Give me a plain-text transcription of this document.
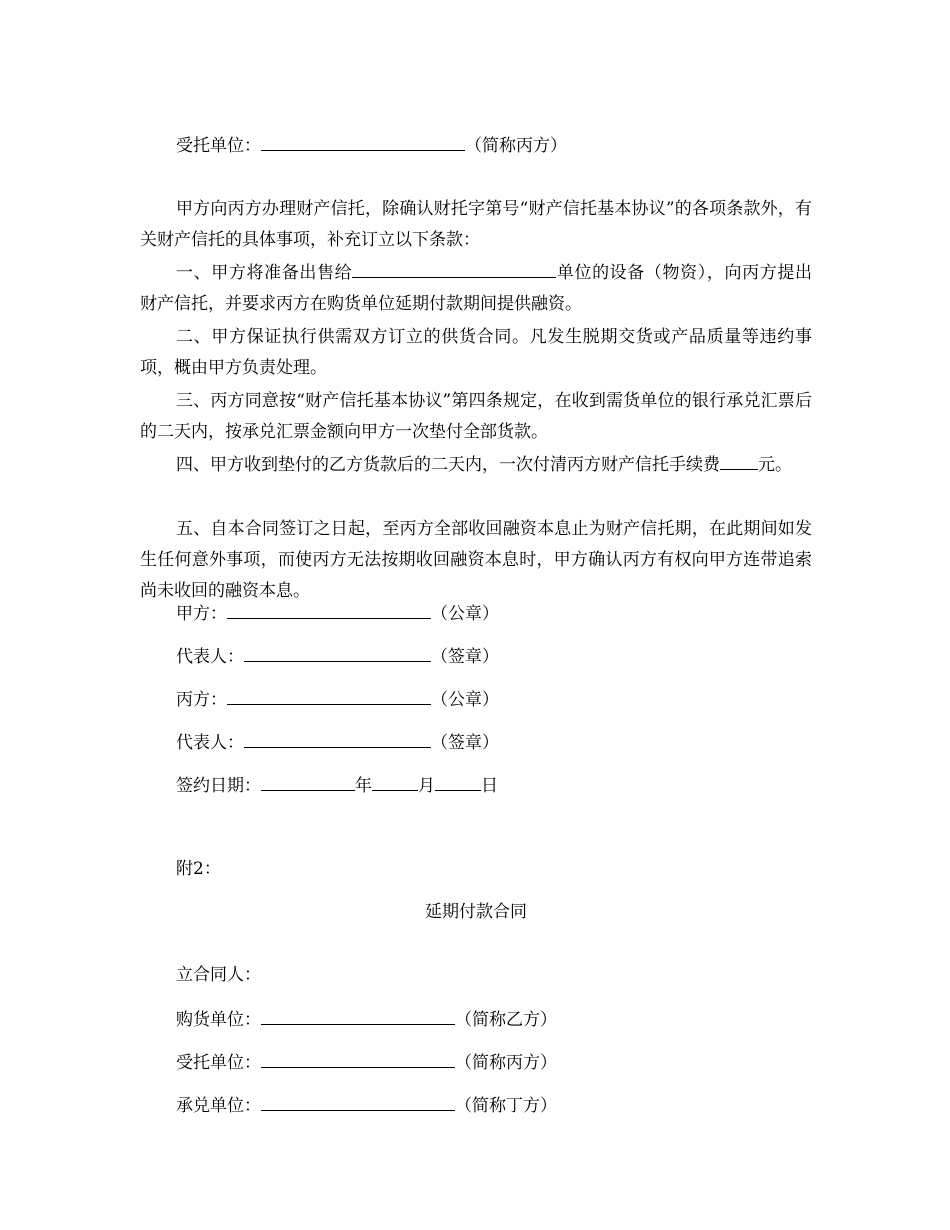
受托单位：	（简称丙方）
甲方向丙方办理财产信托，除确认财托字第号“财产信托基本协议”的各项条款外，有关财产信托的具体事项，补充订立以下条款：
一、甲方将准备出售给	单位的设备（物资），向丙方提出财产信托，并要求丙方在购货单位延期付款期间提供融资。
二、甲方保证执行供需双方订立的供货合同。凡发生脱期交货或产品质量等违约事项，概由甲方负责处理。
三、丙方同意按“财产信托基本协议”第四条规定，在收到需货单位的银行承兑汇票后的二天内，按承兑汇票金额向甲方一次垫付全部货款。
四、甲方收到垫付的乙方货款后的二天内，一次付清丙方财产信托手续费 元。
五、自本合同签订之日起，至丙方全部收回融资本息止为财产信托期，在此期间如发生任何意外事项，而使丙方无法按期收回融资本息时，甲方确认丙方有权向甲方连带追索尚未收回的融资本息。
甲方：	（公章）
代表人：	（签章）
丙方：	（公章）
代表人：	（签章）
签约日期：	年	月	日
附2：
延期付款合同
立合同人：
购货单位：	（简称乙方）
受托单位：	（简称丙方）
承兑单位：	（简称丁方）
